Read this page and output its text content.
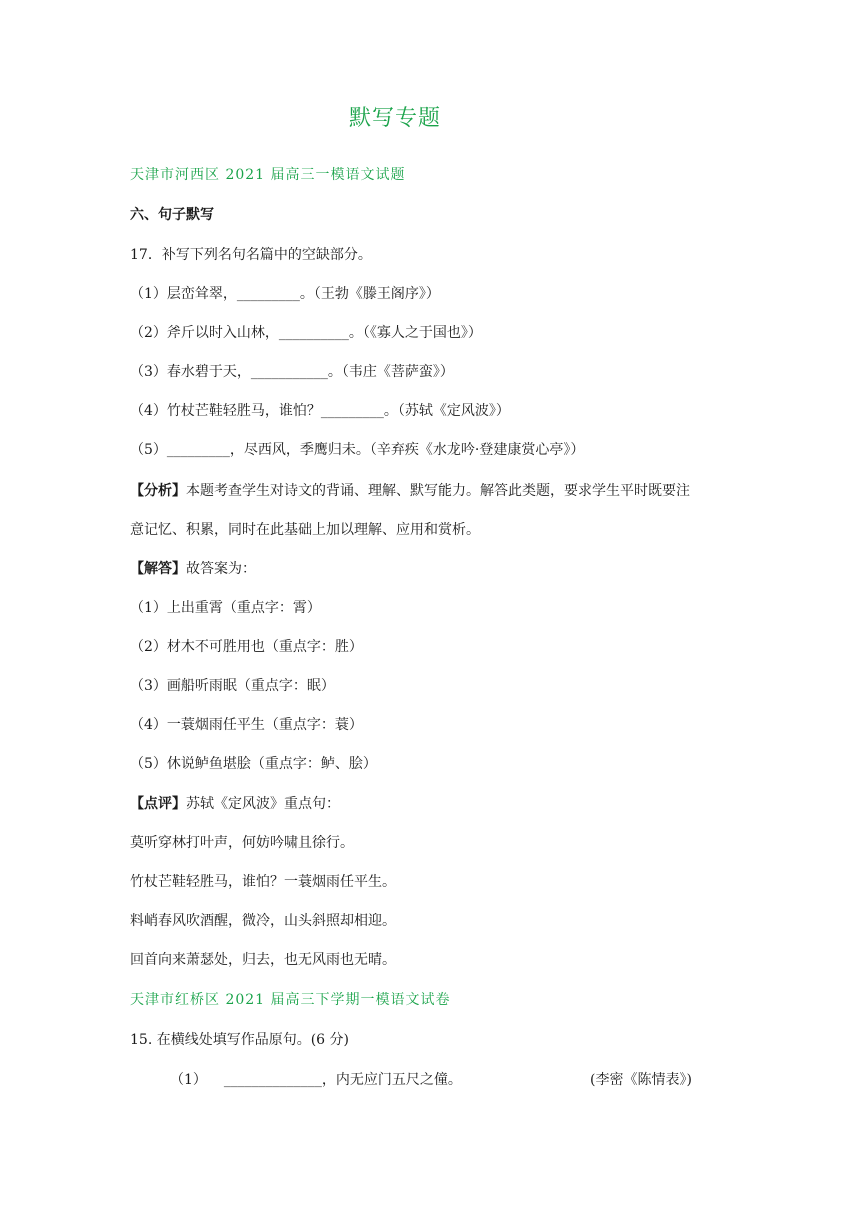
默写专题
天津市河西区 2021 届高三一模语文试题
六、句子默写
17．补写下列名句名篇中的空缺部分。
（1）层峦耸翠，_________。（王勃《滕王阁序》）
（2）斧斤以时入山林，__________。（《寡人之于国也》）
（3）春水碧于天，___________。（韦庄《菩萨蛮》）
（4）竹杖芒鞋轻胜马，谁怕？_________。（苏轼《定风波》）
（5）_________，尽西风，季鹰归未。（辛弃疾《水龙吟·登建康赏心亭》）
【分析】本题考查学生对诗文的背诵、理解、默写能力。解答此类题，要求学生平时既要注
意记忆、积累，同时在此基础上加以理解、应用和赏析。
【解答】故答案为：
（1）上出重霄（重点字：霄）
（2）材木不可胜用也（重点字：胜）
（3）画船听雨眠（重点字：眠）
（4）一蓑烟雨任平生（重点字：蓑）
（5）休说鲈鱼堪脍（重点字：鲈、脍）
【点评】苏轼《定风波》重点句：
莫听穿林打叶声，何妨吟啸且徐行。
竹杖芒鞋轻胜马，谁怕？一蓑烟雨任平生。
料峭春风吹酒醒，微冷，山头斜照却相迎。
回首向来萧瑟处，归去，也无风雨也无晴。
天津市红桥区 2021 届高三下学期一模语文试卷
15. 在横线处填写作品原句。(6 分)
（1） ______________，内无应门五尺之僮。	(李密《陈情表》)
